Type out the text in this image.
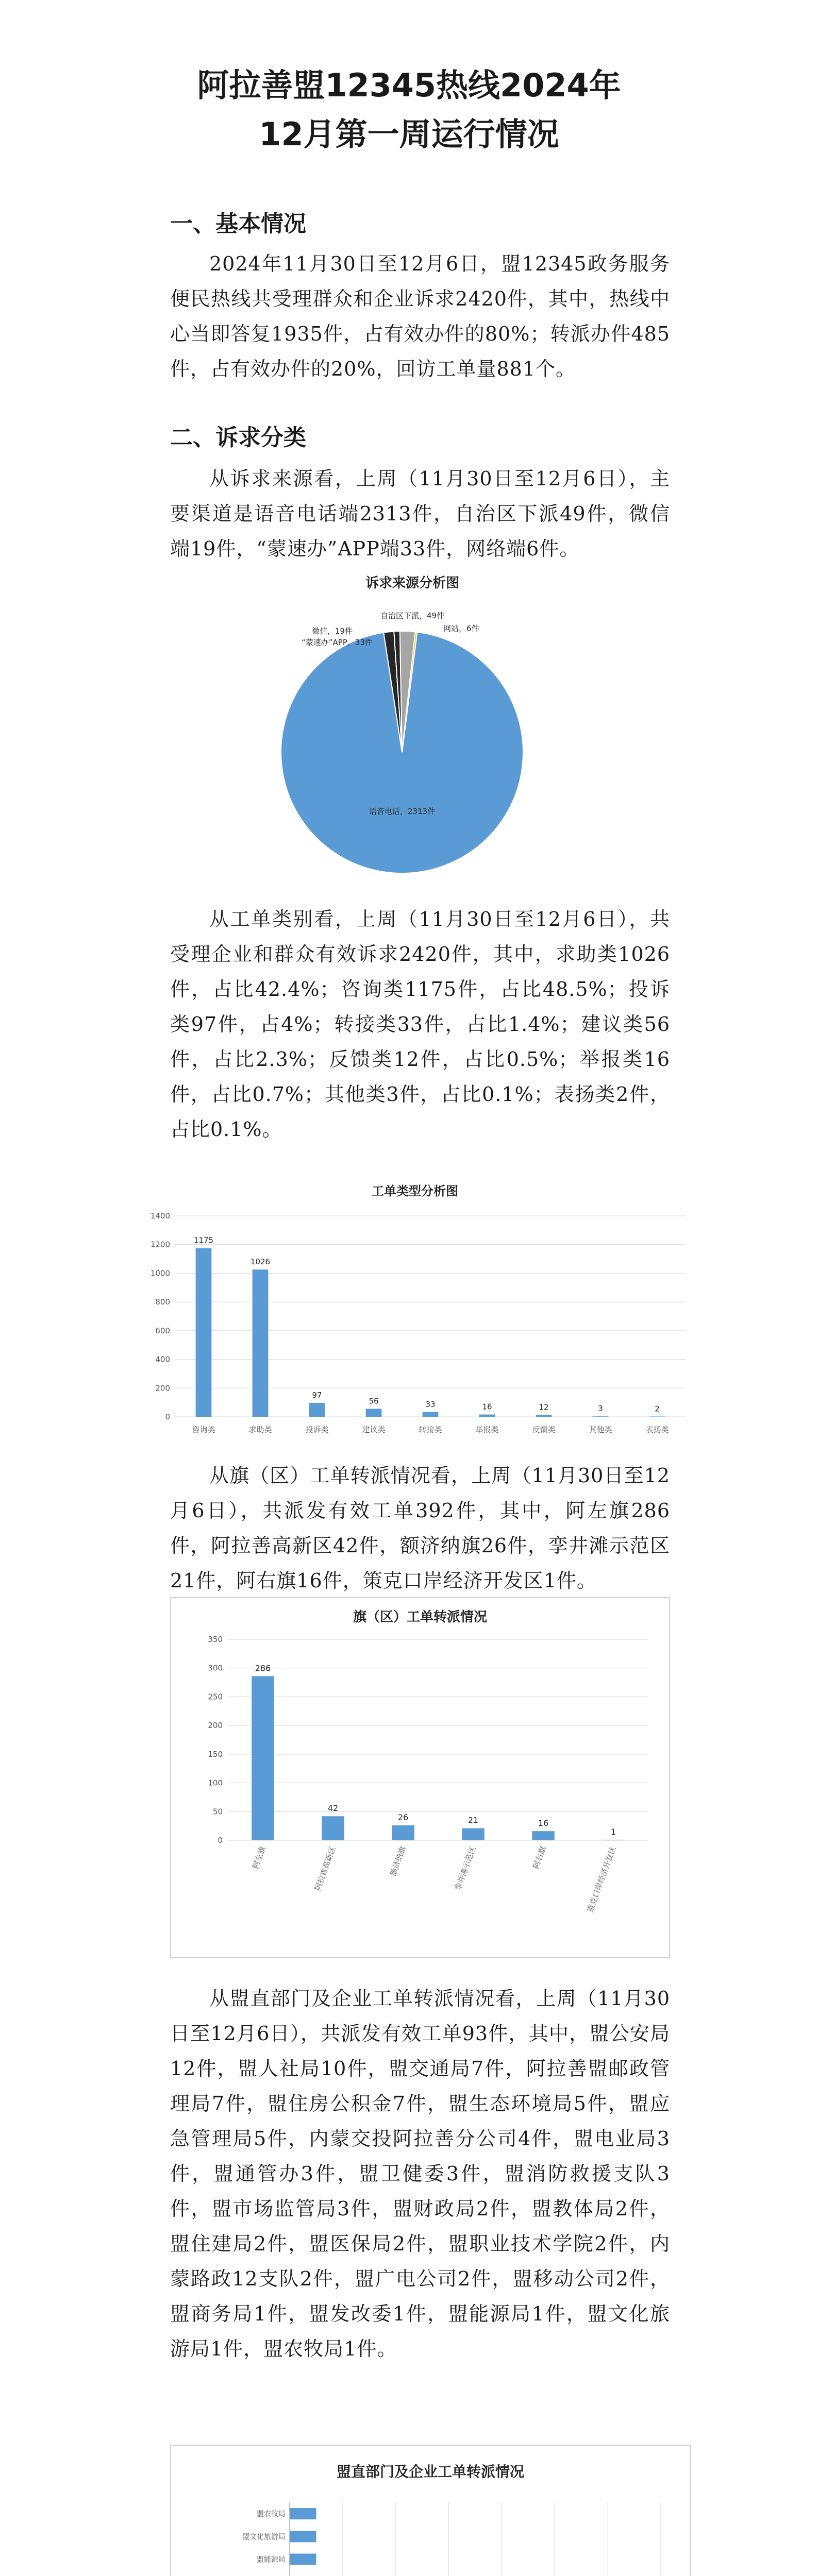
阿拉善盟12345热线2024年
12月第一周运行情况
一、基本情况
2024年11月30日至12月6日，盟12345政务服务便民热线共受理群众和企业诉求2420件，其中，热线中心当即答复1935件，占有效办件的80%；转派办件485件，占有效办件的20%，回访工单量881个。
二、诉求分类
从诉求来源看，上周（11月30日至12月6日），主要渠道是语音电话端2313件，自治区下派49件，微信端19件，“蒙速办”APP端33件，网络端6件。
诉求来源分析图
语音电话，2313件
自治区下派，49件
微信，19件
“蒙速办”APP，33件
网站，6件
从工单类别看，上周（11月30日至12月6日），共受理企业和群众有效诉求2420件，其中，求助类1026件，占比42.4%；咨询类1175件，占比48.5%；投诉类97件，占4%；转接类33件，占比1.4%；建议类56件，占比2.3%；反馈类12件，占比0.5%；举报类16件，占比0.7%；其他类3件，占比0.1%；表扬类2件，占比0.1%。
工单类型分析图
0
200
400
600
800
1000
1200
1400
1175
咨询类
1026
求助类
97
投诉类
56
建议类
33
转接类
16
举报类
12
反馈类
3
其他类
2
表扬类
从旗（区）工单转派情况看，上周（11月30日至12月6日），共派发有效工单392件，其中，阿左旗286件，阿拉善高新区42件，额济纳旗26件，孪井滩示范区21件，阿右旗16件，策克口岸经济开发区1件。
旗（区）工单转派情况
0
50
100
150
200
250
300
350
286
阿左旗
42
阿拉善高新区
26
额济纳旗
21
孪井滩示范区
16
阿右旗
1
策克口岸经济开发区
从盟直部门及企业工单转派情况看，上周（11月30日至12月6日），共派发有效工单93件，其中，盟公安局12件，盟人社局10件，盟交通局7件，阿拉善盟邮政管理局7件，盟住房公积金7件，盟生态环境局5件，盟应急管理局5件，内蒙交投阿拉善分公司4件，盟电业局3件，盟通管办3件，盟卫健委3件，盟消防救援支队3件，盟市场监管局3件，盟财政局2件，盟教体局2件，盟住建局2件，盟医保局2件，盟职业技术学院2件，内蒙路政12支队2件，盟广电公司2件，盟移动公司2件，盟商务局1件，盟发改委1件，盟能源局1件，盟文化旅游局1件，盟农牧局1件。
盟直部门及企业工单转派情况
盟能源局
盟文化旅游局
盟农牧局
